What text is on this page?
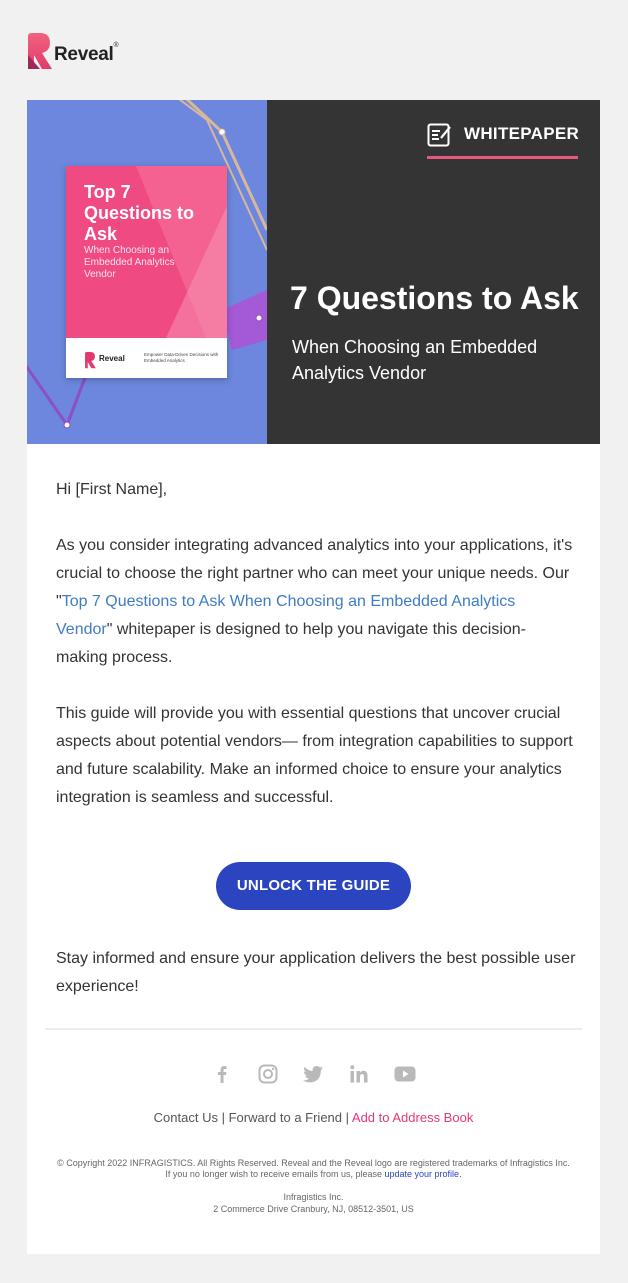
Reveal®
Top 7 Questions to Ask
When Choosing an Embedded Analytics Vendor
Reveal	Empower Data-Driven Decisions with Embedded Analytics
WHITEPAPER
7 Questions to Ask
When Choosing an Embedded Analytics Vendor
Hi [First Name],
As you consider integrating advanced analytics into your applications, it's crucial to choose the right partner who can meet your unique needs. Our "Top 7 Questions to Ask When Choosing an Embedded Analytics Vendor" whitepaper is designed to help you navigate this decision-making process.
This guide will provide you with essential questions that uncover crucial aspects about potential vendors— from integration capabilities to support and future scalability. Make an informed choice to ensure your analytics integration is seamless and successful.
UNLOCK THE GUIDE
Stay informed and ensure your application delivers the best possible user experience!
Contact Us | Forward to a Friend | Add to Address Book
© Copyright 2022 INFRAGISTICS. All Rights Reserved. Reveal and the Reveal logo are registered trademarks of Infragistics Inc. If you no longer wish to receive emails from us, please update your profile.
Infragistics Inc.
2 Commerce Drive Cranbury, NJ, 08512-3501, US
